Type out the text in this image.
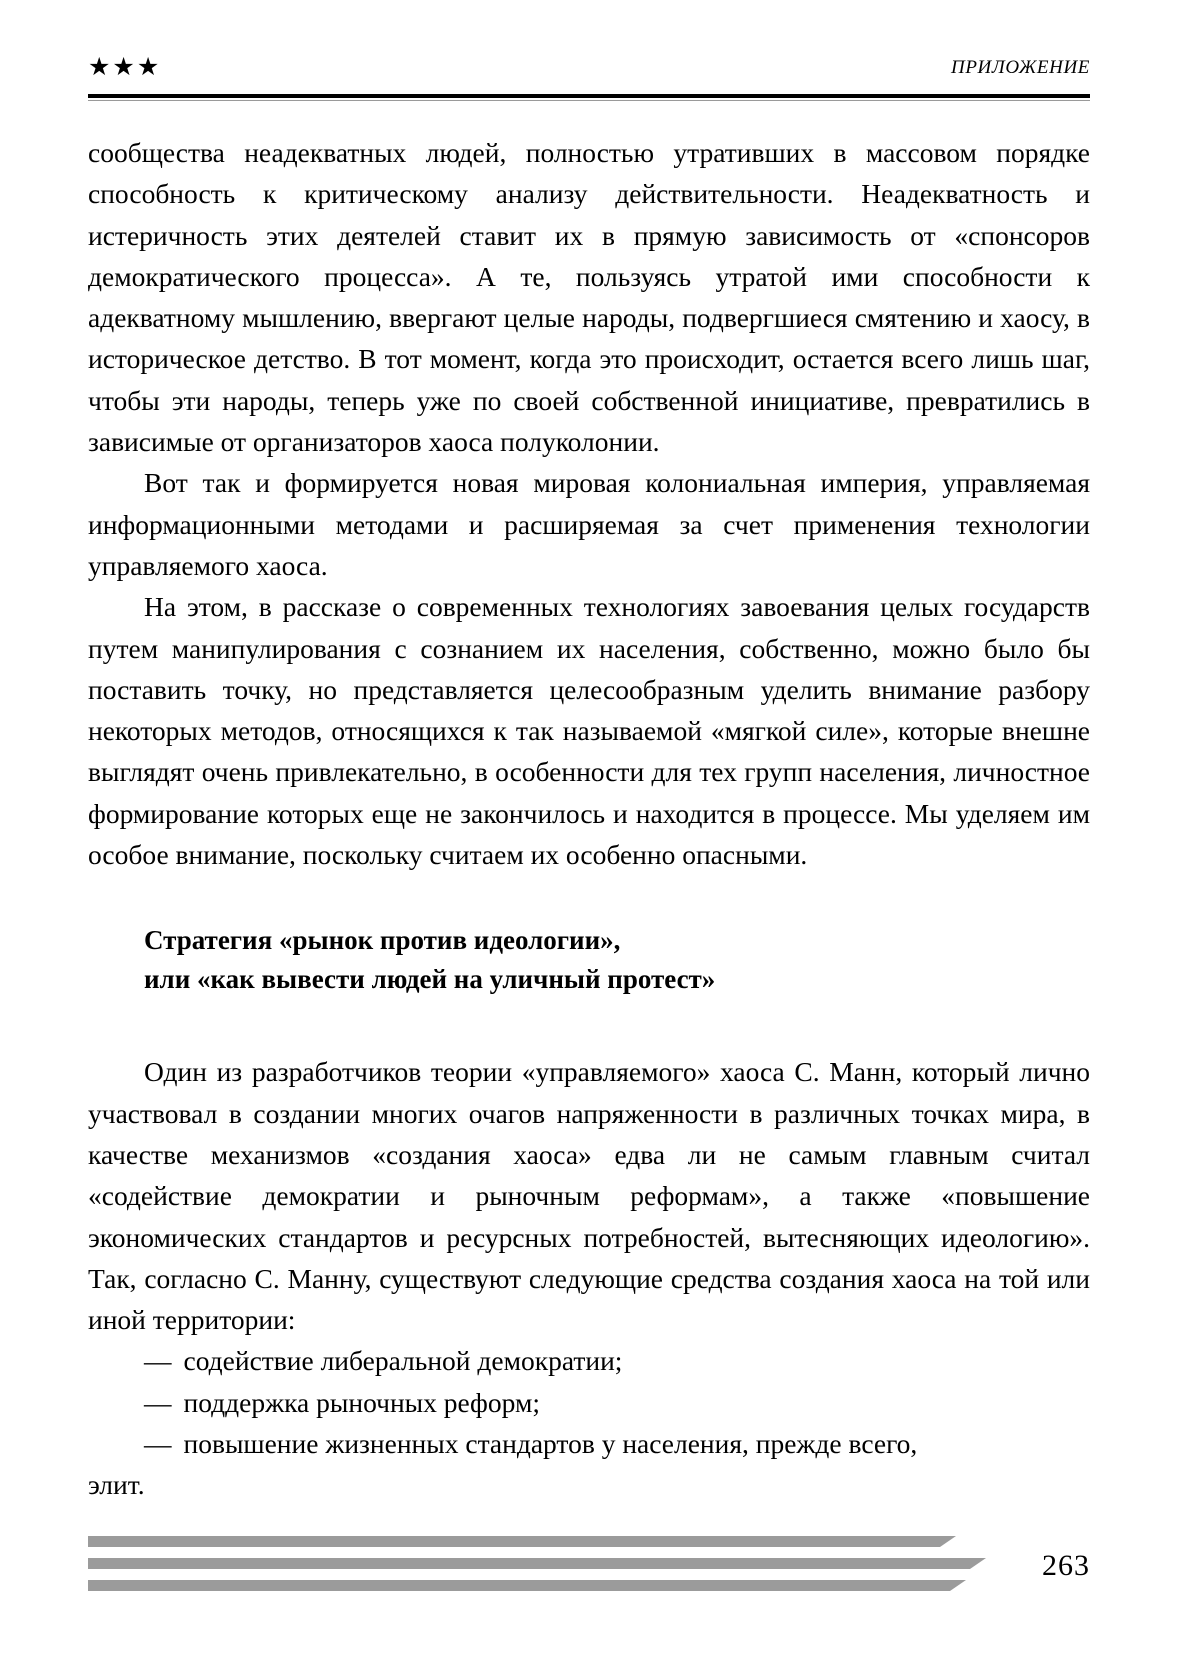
★★★	ПРИЛОЖЕНИЕ

сообщества неадекватных людей, полностью утративших в массовом порядке способность к критическому анализу действительности. Неадекватность и истеричность этих деятелей ставит их в прямую зависимость от «спонсоров демократического процесса». А те, пользуясь утратой ими способности к адекватному мышлению, ввергают целые народы, подвергшиеся смятению и хаосу, в историческое детство. В тот момент, когда это происходит, остается всего лишь шаг, чтобы эти народы, теперь уже по своей собственной инициативе, превратились в зависимые от организаторов хаоса полуколонии.

Вот так и формируется новая мировая колониальная империя, управляемая информационными методами и расширяемая за счет применения технологии управляемого хаоса.

На этом, в рассказе о современных технологиях завоевания целых государств путем манипулирования с сознанием их населения, собственно, можно было бы поставить точку, но представляется целесообразным уделить внимание разбору некоторых методов, относящихся к так называемой «мягкой силе», которые внешне выглядят очень привлекательно, в особенности для тех групп населения, личностное формирование которых еще не закончилось и находится в процессе. Мы уделяем им особое внимание, поскольку считаем их особенно опасными.

Стратегия «рынок против идеологии»,
или «как вывести людей на уличный протест»

Один из разработчиков теории «управляемого» хаоса С. Манн, который лично участвовал в создании многих очагов напряженности в различных точках мира, в качестве механизмов «создания хаоса» едва ли не самым главным считал «содействие демократии и рыночным реформам», а также «повышение экономических стандартов и ресурсных потребностей, вытесняющих идеологию». Так, согласно С. Манну, существуют следующие средства создания хаоса на той или иной территории:

— содействие либеральной демократии;
— поддержка рыночных реформ;
— повышение жизненных стандартов у населения, прежде всего,

элит.

263
